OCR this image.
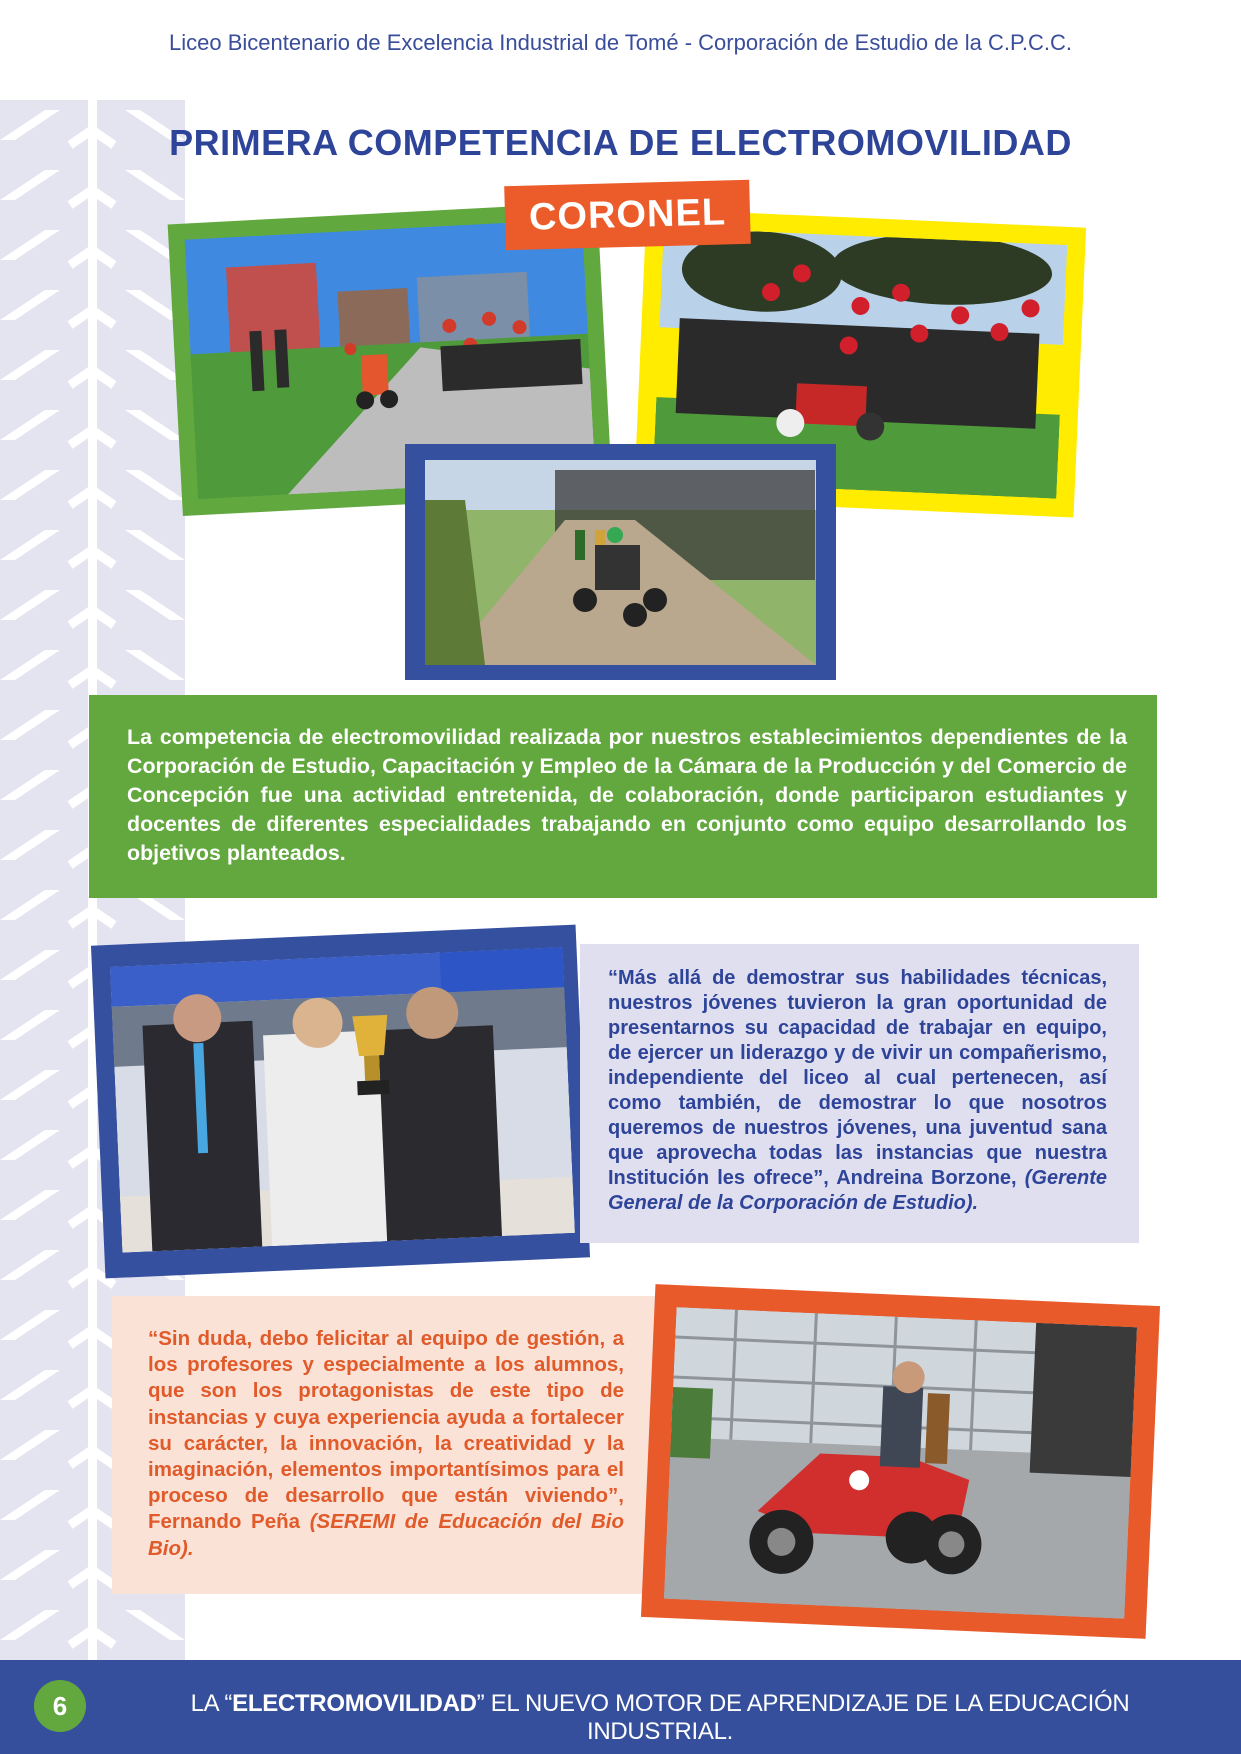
Liceo Bicentenario de Excelencia Industrial de Tomé - Corporación de Estudio de la C.P.C.C.
PRIMERA COMPETENCIA DE ELECTROMOVILIDAD
CORONEL

La competencia de electromovilidad realizada por nuestros establecimientos dependientes de la Corporación de Estudio, Capacitación y Empleo de la Cámara de la Producción y del Comercio de Concepción fue una actividad entretenida, de colaboración, donde participaron estudiantes y docentes de diferentes especialidades trabajando en conjunto como equipo desarrollando los objetivos planteados.

“Más allá de demostrar sus habilidades técnicas, nuestros jóvenes tuvieron la gran oportunidad de presentarnos su capacidad de trabajar en equipo, de ejercer un liderazgo y de vivir un compañerismo, independiente del liceo al cual pertenecen, así como también, de demostrar lo que nosotros queremos de nuestros jóvenes, una juventud sana que aprovecha todas las instancias que nuestra Institución les ofrece”, Andreina Borzone, (Gerente General de la Corporación de Estudio).

“Sin duda, debo felicitar al equipo de gestión, a los profesores y especialmente a los alumnos, que son los protagonistas de este tipo de instancias y cuya experiencia ayuda a fortalecer su carácter, la innovación, la creatividad y la imaginación, elementos importantísimos para el proceso de desarrollo que están viviendo”, Fernando Peña (SEREMI de Educación del Bio Bio).

6	LA “ELECTROMOVILIDAD” EL NUEVO MOTOR DE APRENDIZAJE DE LA EDUCACIÓN INDUSTRIAL.
